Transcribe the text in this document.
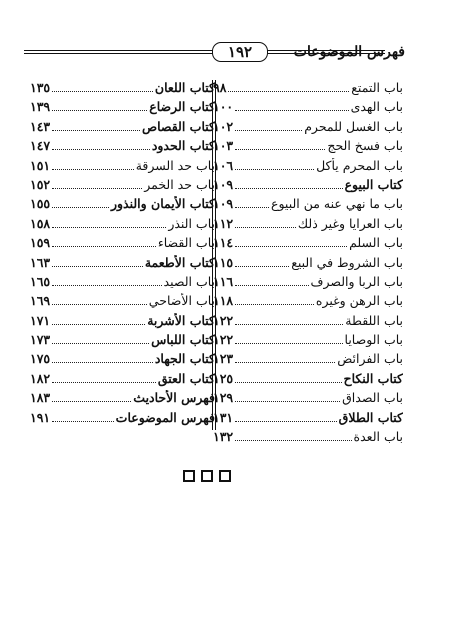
فهرس الموضوعات
١٩٢
باب التمتع
٩٨
باب الهدى
١٠٠
باب الغسل للمحرم
١٠٢
باب فسخ الحج
١٠٣
باب المحرم يأكل
١٠٦
كتاب البيوع
١٠٩
باب ما نهي عنه من البيوع
١٠٩
باب العرايا وغير ذلك
١١٢
باب السلم
١١٤
باب الشروط في البيع
١١٥
باب الربا والصرف
١١٦
باب الرهن وغيره
١١٨
باب اللقطة
١٢٢
باب الوصايا
١٢٢
باب الفرائض
١٢٣
كتاب النكاح
١٢٥
باب الصداق
١٢٩
كتاب الطلاق
١٣١
باب العدة
١٣٢
كتاب اللعان
١٣٥
كتاب الرضاع
١٣٩
كتاب القصاص
١٤٣
كتاب الحدود
١٤٧
باب حد السرقة
١٥١
باب حد الخمر
١٥٢
كتاب الأيمان والنذور
١٥٥
باب النذر
١٥٨
باب القضاء
١٥٩
كتاب الأطعمة
١٦٣
باب الصيد
١٦٥
باب الأضاحي
١٦٩
كتاب الأشربة
١٧١
كتاب اللباس
١٧٣
كتاب الجهاد
١٧٥
كتاب العتق
١٨٢
فهرس الأحاديث
١٨٣
فهرس الموضوعات
١٩١
